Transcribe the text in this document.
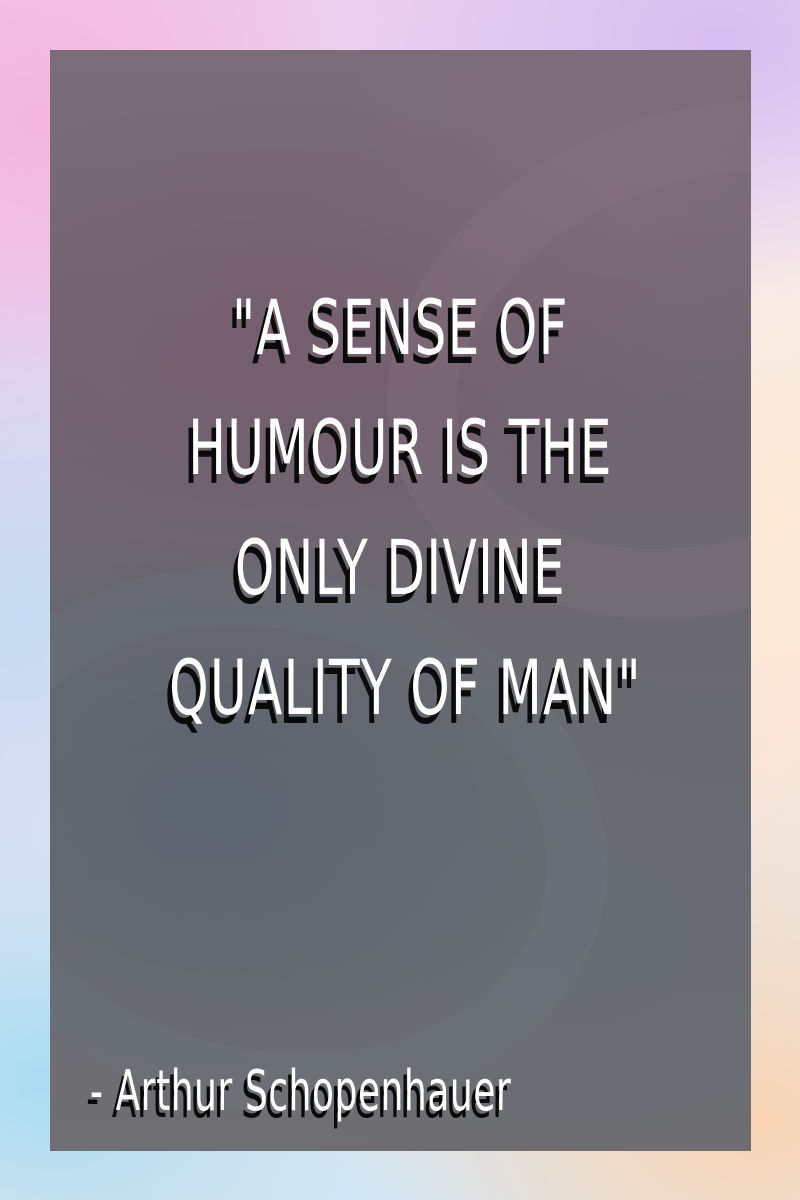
"A SENSE OF
HUMOUR IS THE
ONLY DIVINE
QUALITY OF MAN"

- Arthur Schopenhauer
